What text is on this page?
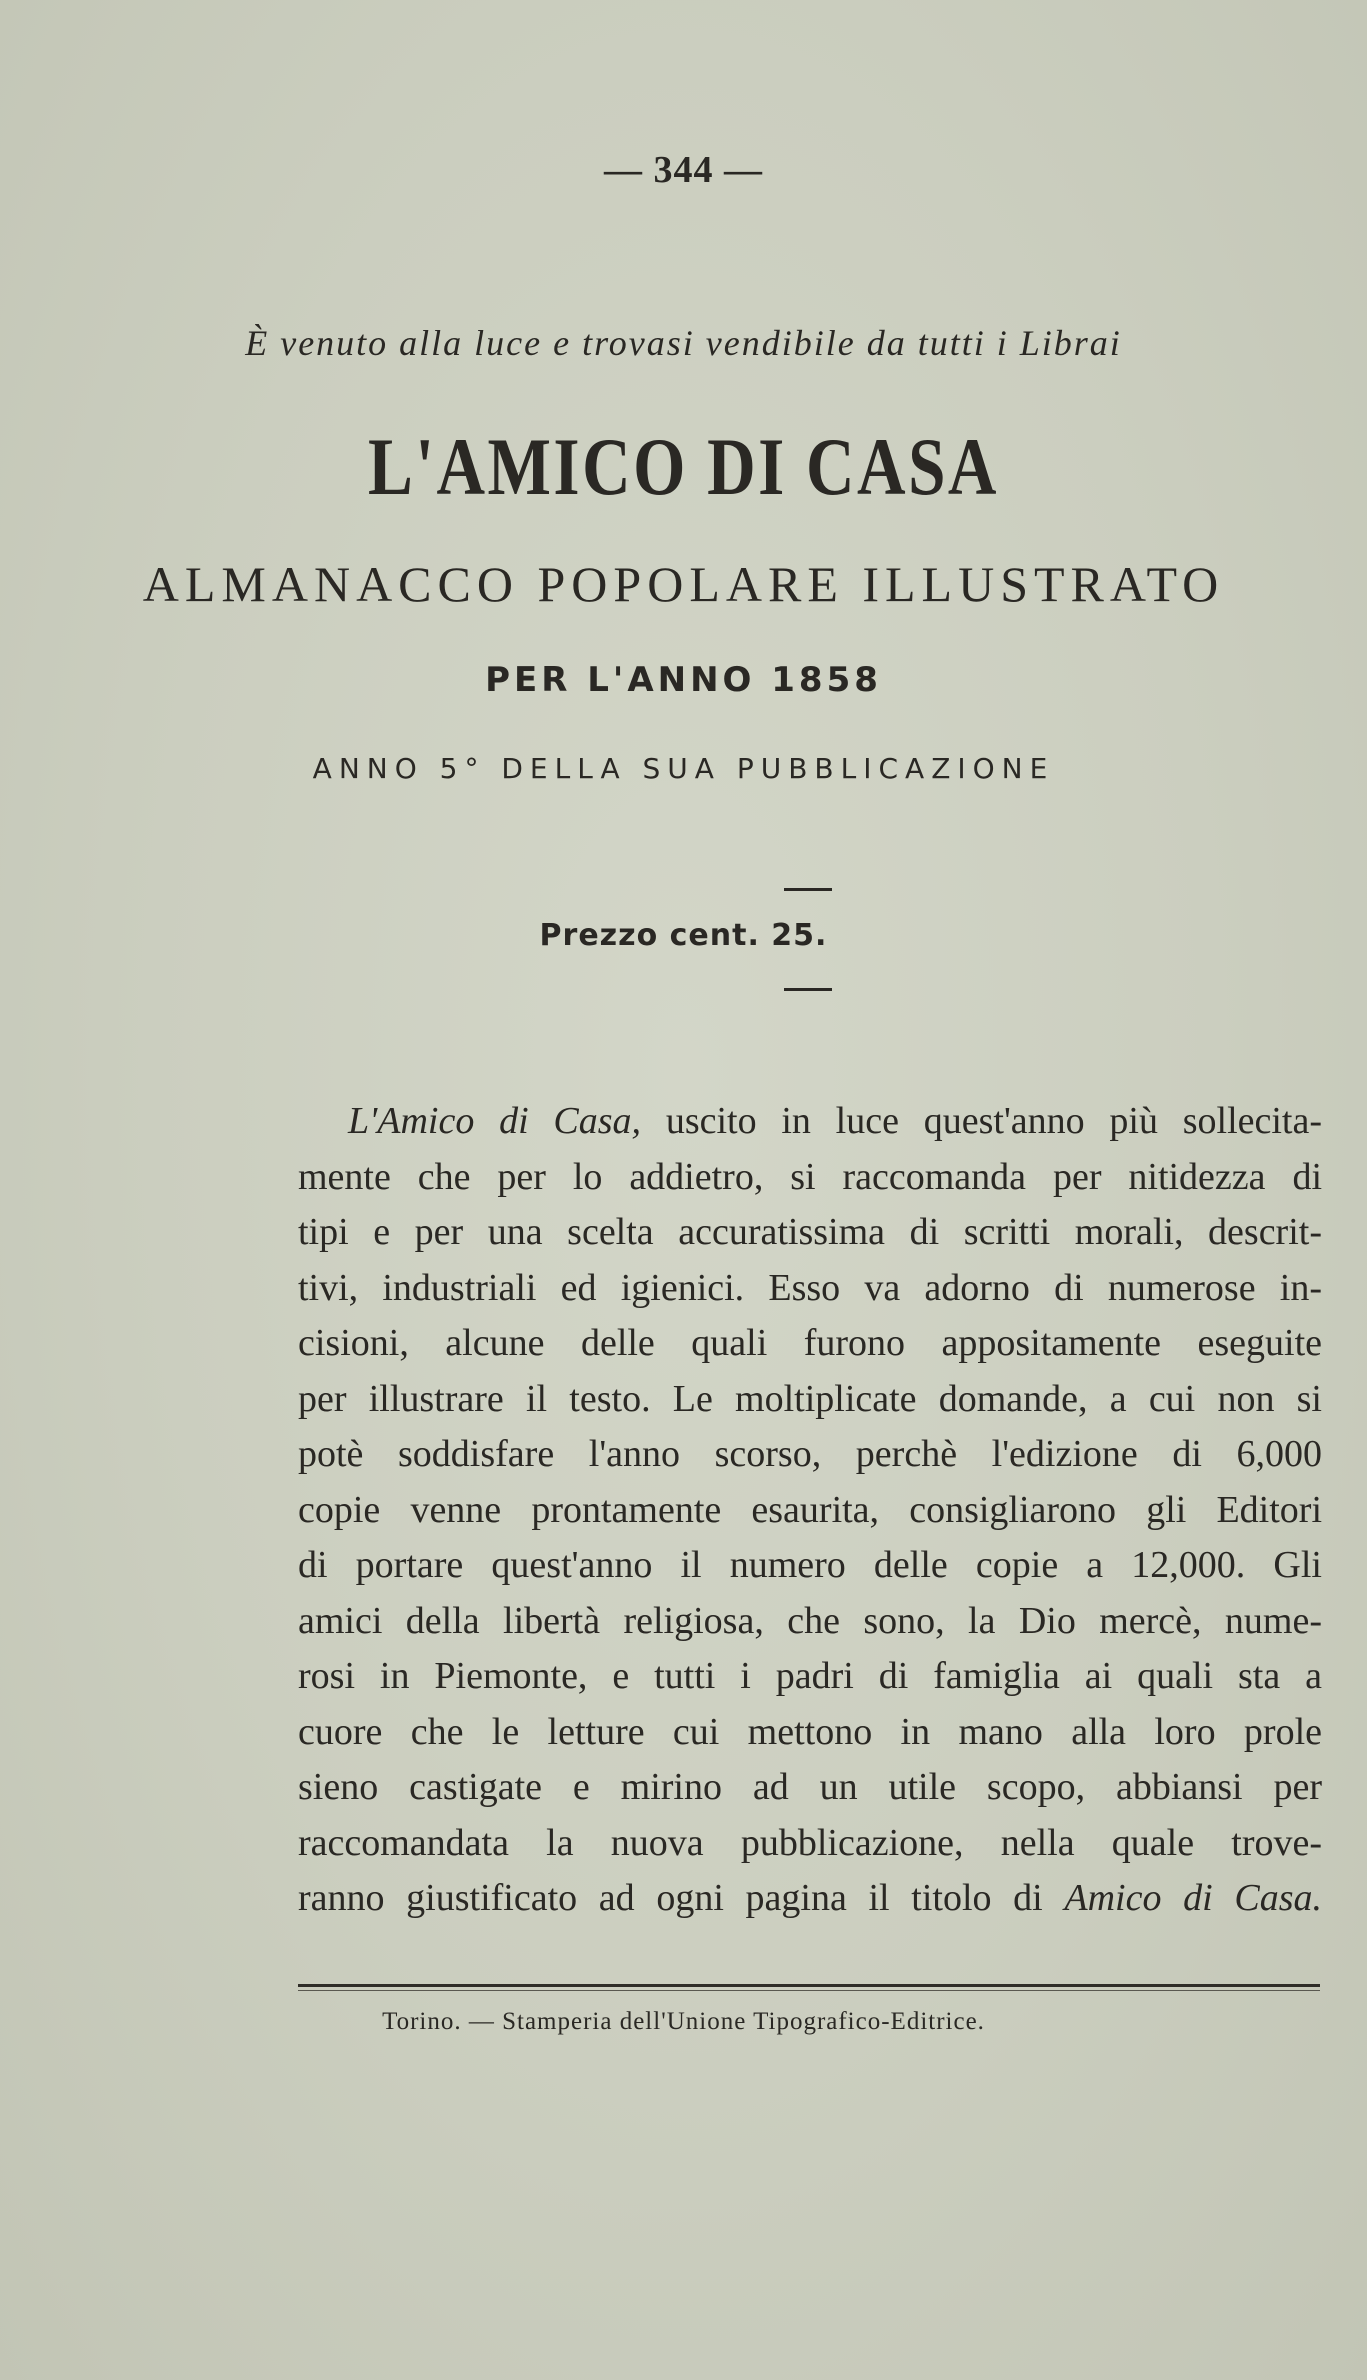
— 344 —
È venuto alla luce e trovasi vendibile da tutti i Librai
L'AMICO DI CASA
ALMANACCO POPOLARE ILLUSTRATO
PER L'ANNO 1858
ANNO 5° DELLA SUA PUBBLICAZIONE
Prezzo cent. 25.
L'Amico di Casa, uscito in luce quest'anno più sollecita-
mente che per lo addietro, si raccomanda per nitidezza di
tipi e per una scelta accuratissima di scritti morali, descrit-
tivi, industriali ed igienici. Esso va adorno di numerose in-
cisioni, alcune delle quali furono appositamente eseguite
per illustrare il testo. Le moltiplicate domande, a cui non si
potè soddisfare l'anno scorso, perchè l'edizione di 6,000
copie venne prontamente esaurita, consigliarono gli Editori
di portare quest'anno il numero delle copie a 12,000. Gli
amici della libertà religiosa, che sono, la Dio mercè, nume-
rosi in Piemonte, e tutti i padri di famiglia ai quali sta a
cuore che le letture cui mettono in mano alla loro prole
sieno castigate e mirino ad un utile scopo, abbiansi per
raccomandata la nuova pubblicazione, nella quale trove-
ranno giustificato ad ogni pagina il titolo di Amico di Casa.
Torino. — Stamperia dell'Unione Tipografico-Editrice.
